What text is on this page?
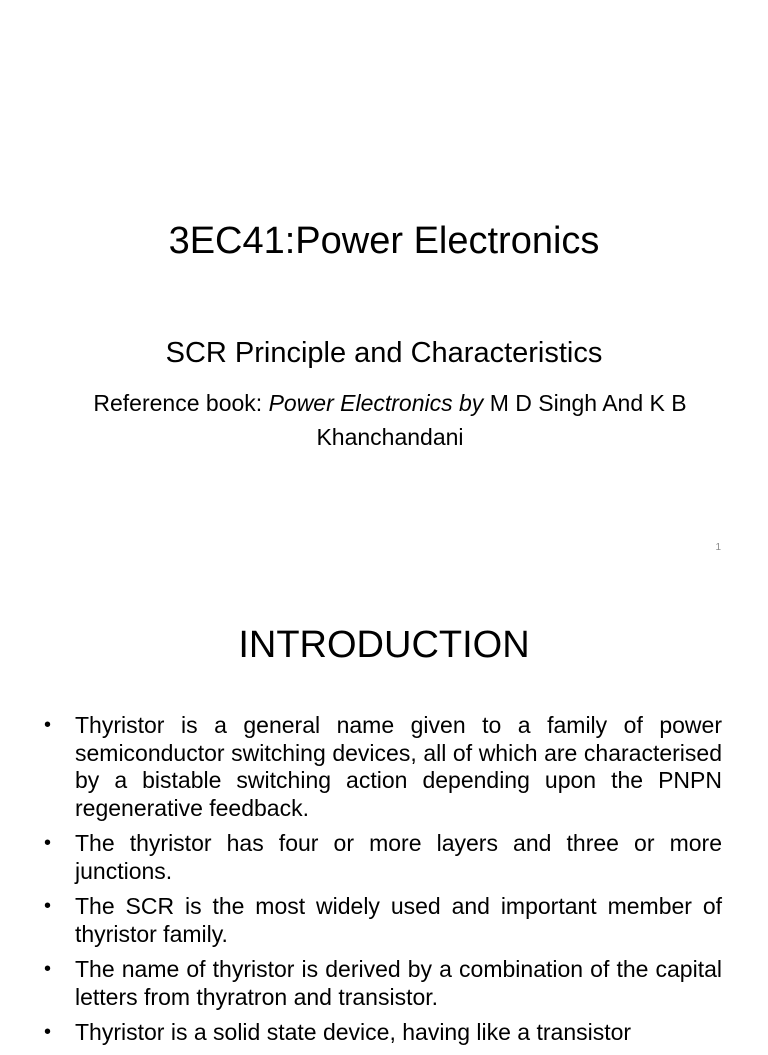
3EC41:Power Electronics
SCR Principle and Characteristics
Reference book: Power Electronics by M D Singh And K B Khanchandani
1
INTRODUCTION
• Thyristor is a general name given to a family of power semiconductor switching devices, all of which are characterised by a bistable switching action depending upon the PNPN regenerative feedback.
• The thyristor has four or more layers and three or more junctions.
• The SCR is the most widely used and important member of thyristor family.
• The name of thyristor is derived by a combination of the capital letters from thyratron and transistor.
• Thyristor is a solid state device, having like a transistor
